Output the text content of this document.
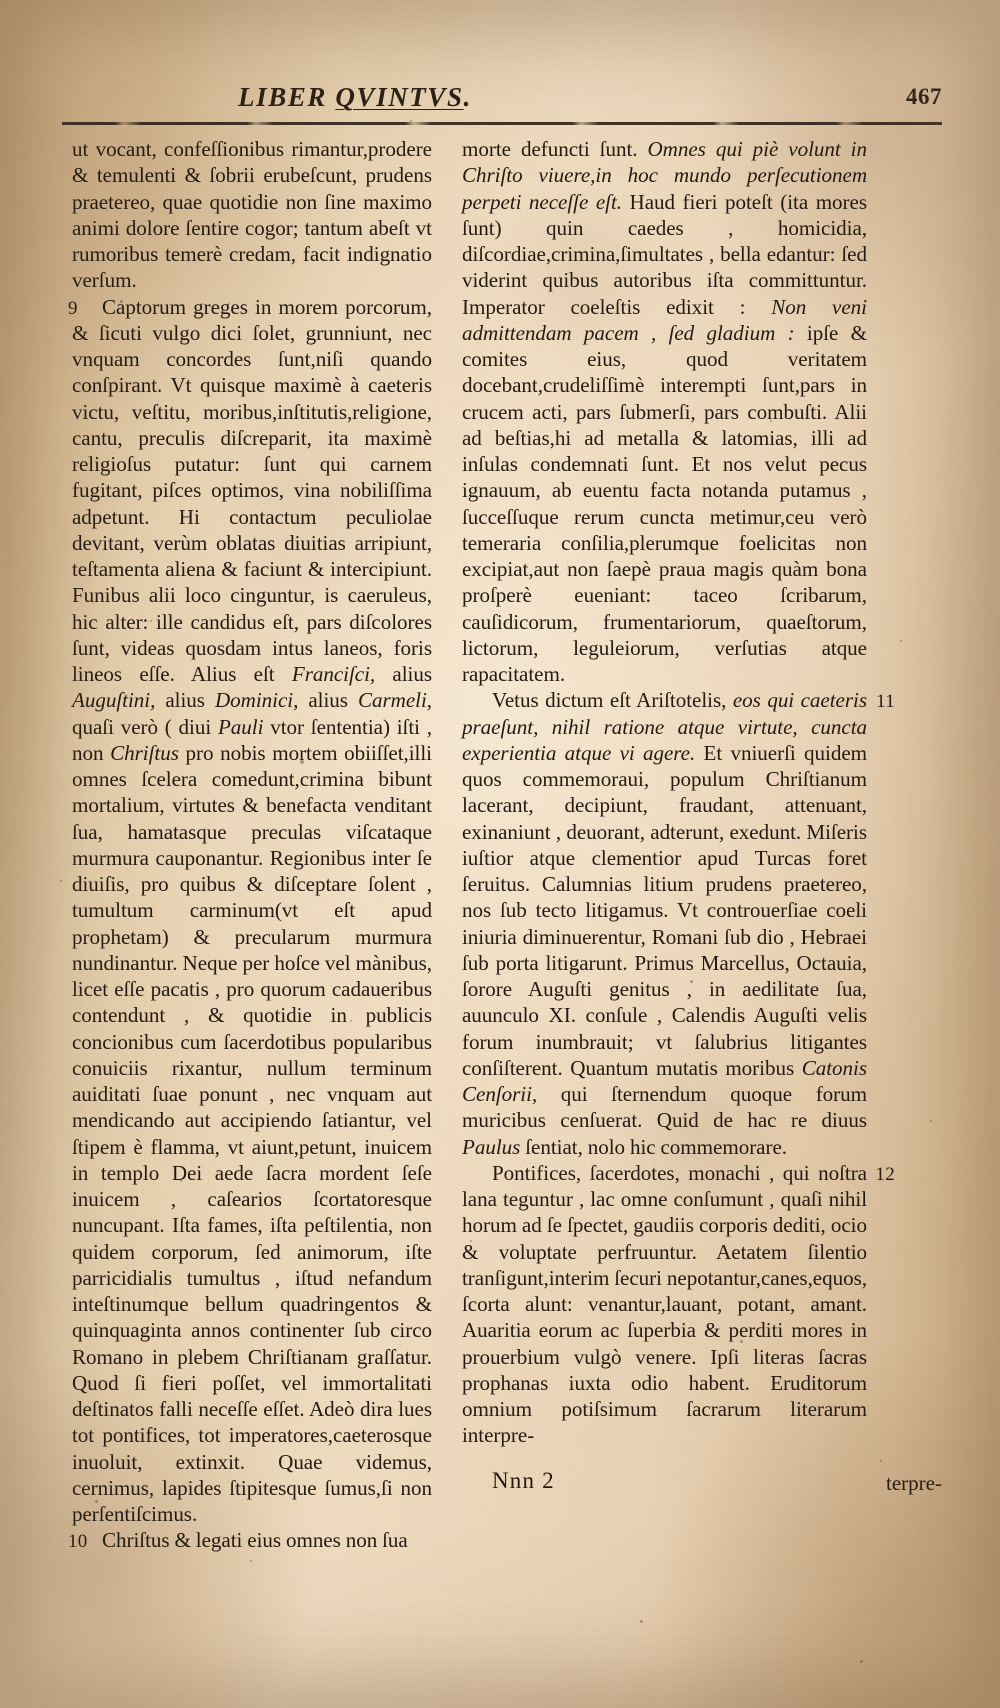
LIBER QVINTVS.	467

ut vocant, confeſſionibus rimantur,prodere & temulenti & ſobrii erubeſcunt, prudens praetereo, quae quotidie non ſine maximo animi dolore ſentire cogor; tantum abeſt vt rumoribus temerè credam, facit indignatio verſum.

Captorum greges in morem porcorum, & ſicuti vulgo dici ſolet, grunniunt, nec vnquam concordes ſunt,niſi quando conſpirant. Vt quisque maximè à caeteris victu, veſtitu, moribus,inſtitutis,religione, cantu, preculis diſcreparit, ita maximè religioſus putatur: ſunt qui carnem fugitant, piſces optimos, vina nobiliſſima adpetunt. Hi contactum peculiolae devitant, verùm oblatas diuitias arripiunt, teſtamenta aliena & faciunt & intercipiunt. Funibus alii loco cinguntur, is caeruleus, hic alter: ille candidus eſt, pars diſcolores ſunt, videas quosdam intus laneos, foris lineos eſſe. Alius eſt Franciſci, alius Auguſtini, alius Dominici, alius Carmeli, quaſi verò ( diui Pauli vtor ſententia) iſti , non Chriſtus pro nobis mortem obiiſſet,illi omnes ſcelera comedunt,crimina bibunt mortalium, virtutes & benefacta venditant ſua, hamatasque preculas viſcataque murmura cauponantur. Regionibus inter ſe diuiſis, pro quibus & diſceptare ſolent , tumultum carminum(vt eſt apud prophetam) & precularum murmura nundinantur. Neque per hoſce vel mànibus, licet eſſe pacatis , pro quorum cadaueribus contendunt , & quotidie in publicis concionibus cum ſacerdotibus popularibus conuiciis rixantur, nullum terminum auiditati ſuae ponunt , nec vnquam aut mendicando aut accipiendo ſatiantur, vel ſtipem è flamma, vt aiunt,petunt, inuicem in templo Dei aede ſacra mordent ſeſe inuicem , caſearios ſcortatoresque nuncupant. Iſta fames, iſta peſtilentia, non quidem corporum, ſed animorum, iſte parricidialis tumultus , iſtud nefandum inteſtinumque bellum quadringentos & quinquaginta annos continenter ſub circo Romano in plebem Chriſtianam graſſatur. Quod ſi fieri poſſet, vel immortalitati deſtinatos falli neceſſe eſſet. Adeò dira lues tot pontifices, tot imperatores,caeterosque inuoluit, extinxit. Quae videmus, cernimus, lapides ſtipitesque ſumus,ſi non perſentiſcimus.
9

Chriſtus & legati eius omnes non ſua
10

morte defuncti ſunt. Omnes qui piè volunt in Chriſto viuere,in hoc mundo perſecutionem perpeti neceſſe eſt. Haud fieri poteſt (ita mores ſunt) quin caedes , homicidia, diſcordiae,crimina,ſimultates , bella edantur: ſed viderint quibus autoribus iſta committuntur. Imperator coeleſtis edixit : Non veni admittendam pacem , ſed gladium : ipſe & comites eius, quod veritatem docebant,crudeliſſimè interempti ſunt,pars in crucem acti, pars ſubmerſi, pars combuſti. Alii ad beſtias,hi ad metalla & latomias, illi ad inſulas condemnati ſunt. Et nos velut pecus ignauum, ab euentu facta notanda putamus , ſucceſſuque rerum cuncta metimur,ceu verò temeraria conſilia,plerumque foelicitas non excipiat,aut non ſaepè praua magis quàm bona proſperè eueniant: taceo ſcribarum, cauſidicorum, frumentariorum, quaeſtorum, lictorum, leguleiorum, verſutias atque rapacitatem.

Vetus dictum eſt Ariſtotelis, eos qui caeteris praeſunt, nihil ratione atque virtute, cuncta experientia atque vi agere. Et vniuerſi quidem quos commemoraui, populum Chriſtianum lacerant, decipiunt, fraudant, attenuant, exinaniunt , deuorant, adterunt, exedunt. Miſeris iuſtior atque clementior apud Turcas foret ſeruitus. Calumnias litium prudens praetereo, nos ſub tecto litigamus. Vt controuerſiae coeli iniuria diminuerentur, Romani ſub dio , Hebraei ſub porta litigarunt. Primus Marcellus, Octauia, ſorore Auguſti genitus , in aedilitate ſua, auunculo XI. conſule , Calendis Auguſti velis forum inumbrauit; vt ſalubrius litigantes conſiſterent. Quantum mutatis moribus Catonis Cenſorii, qui ſternendum quoque forum muricibus cenſuerat. Quid de hac re diuus Paulus ſentiat, nolo hic commemorare.
11

Pontifices, ſacerdotes, monachi , qui noſtra lana teguntur , lac omne conſumunt , quaſi nihil horum ad ſe ſpectet, gaudiis corporis dediti, ocio & voluptate perfruuntur. Aetatem ſilentio tranſigunt,interim ſecuri nepotantur,canes,equos, ſcorta alunt: venantur,lauant, potant, amant. Auaritia eorum ac ſuperbia & perditi mores in prouerbium vulgò venere. Ipſi literas ſacras prophanas iuxta odio habent. Eruditorum omnium potiſsimum ſacrarum literarum interpre-
12

Nnn 2	terpre-
